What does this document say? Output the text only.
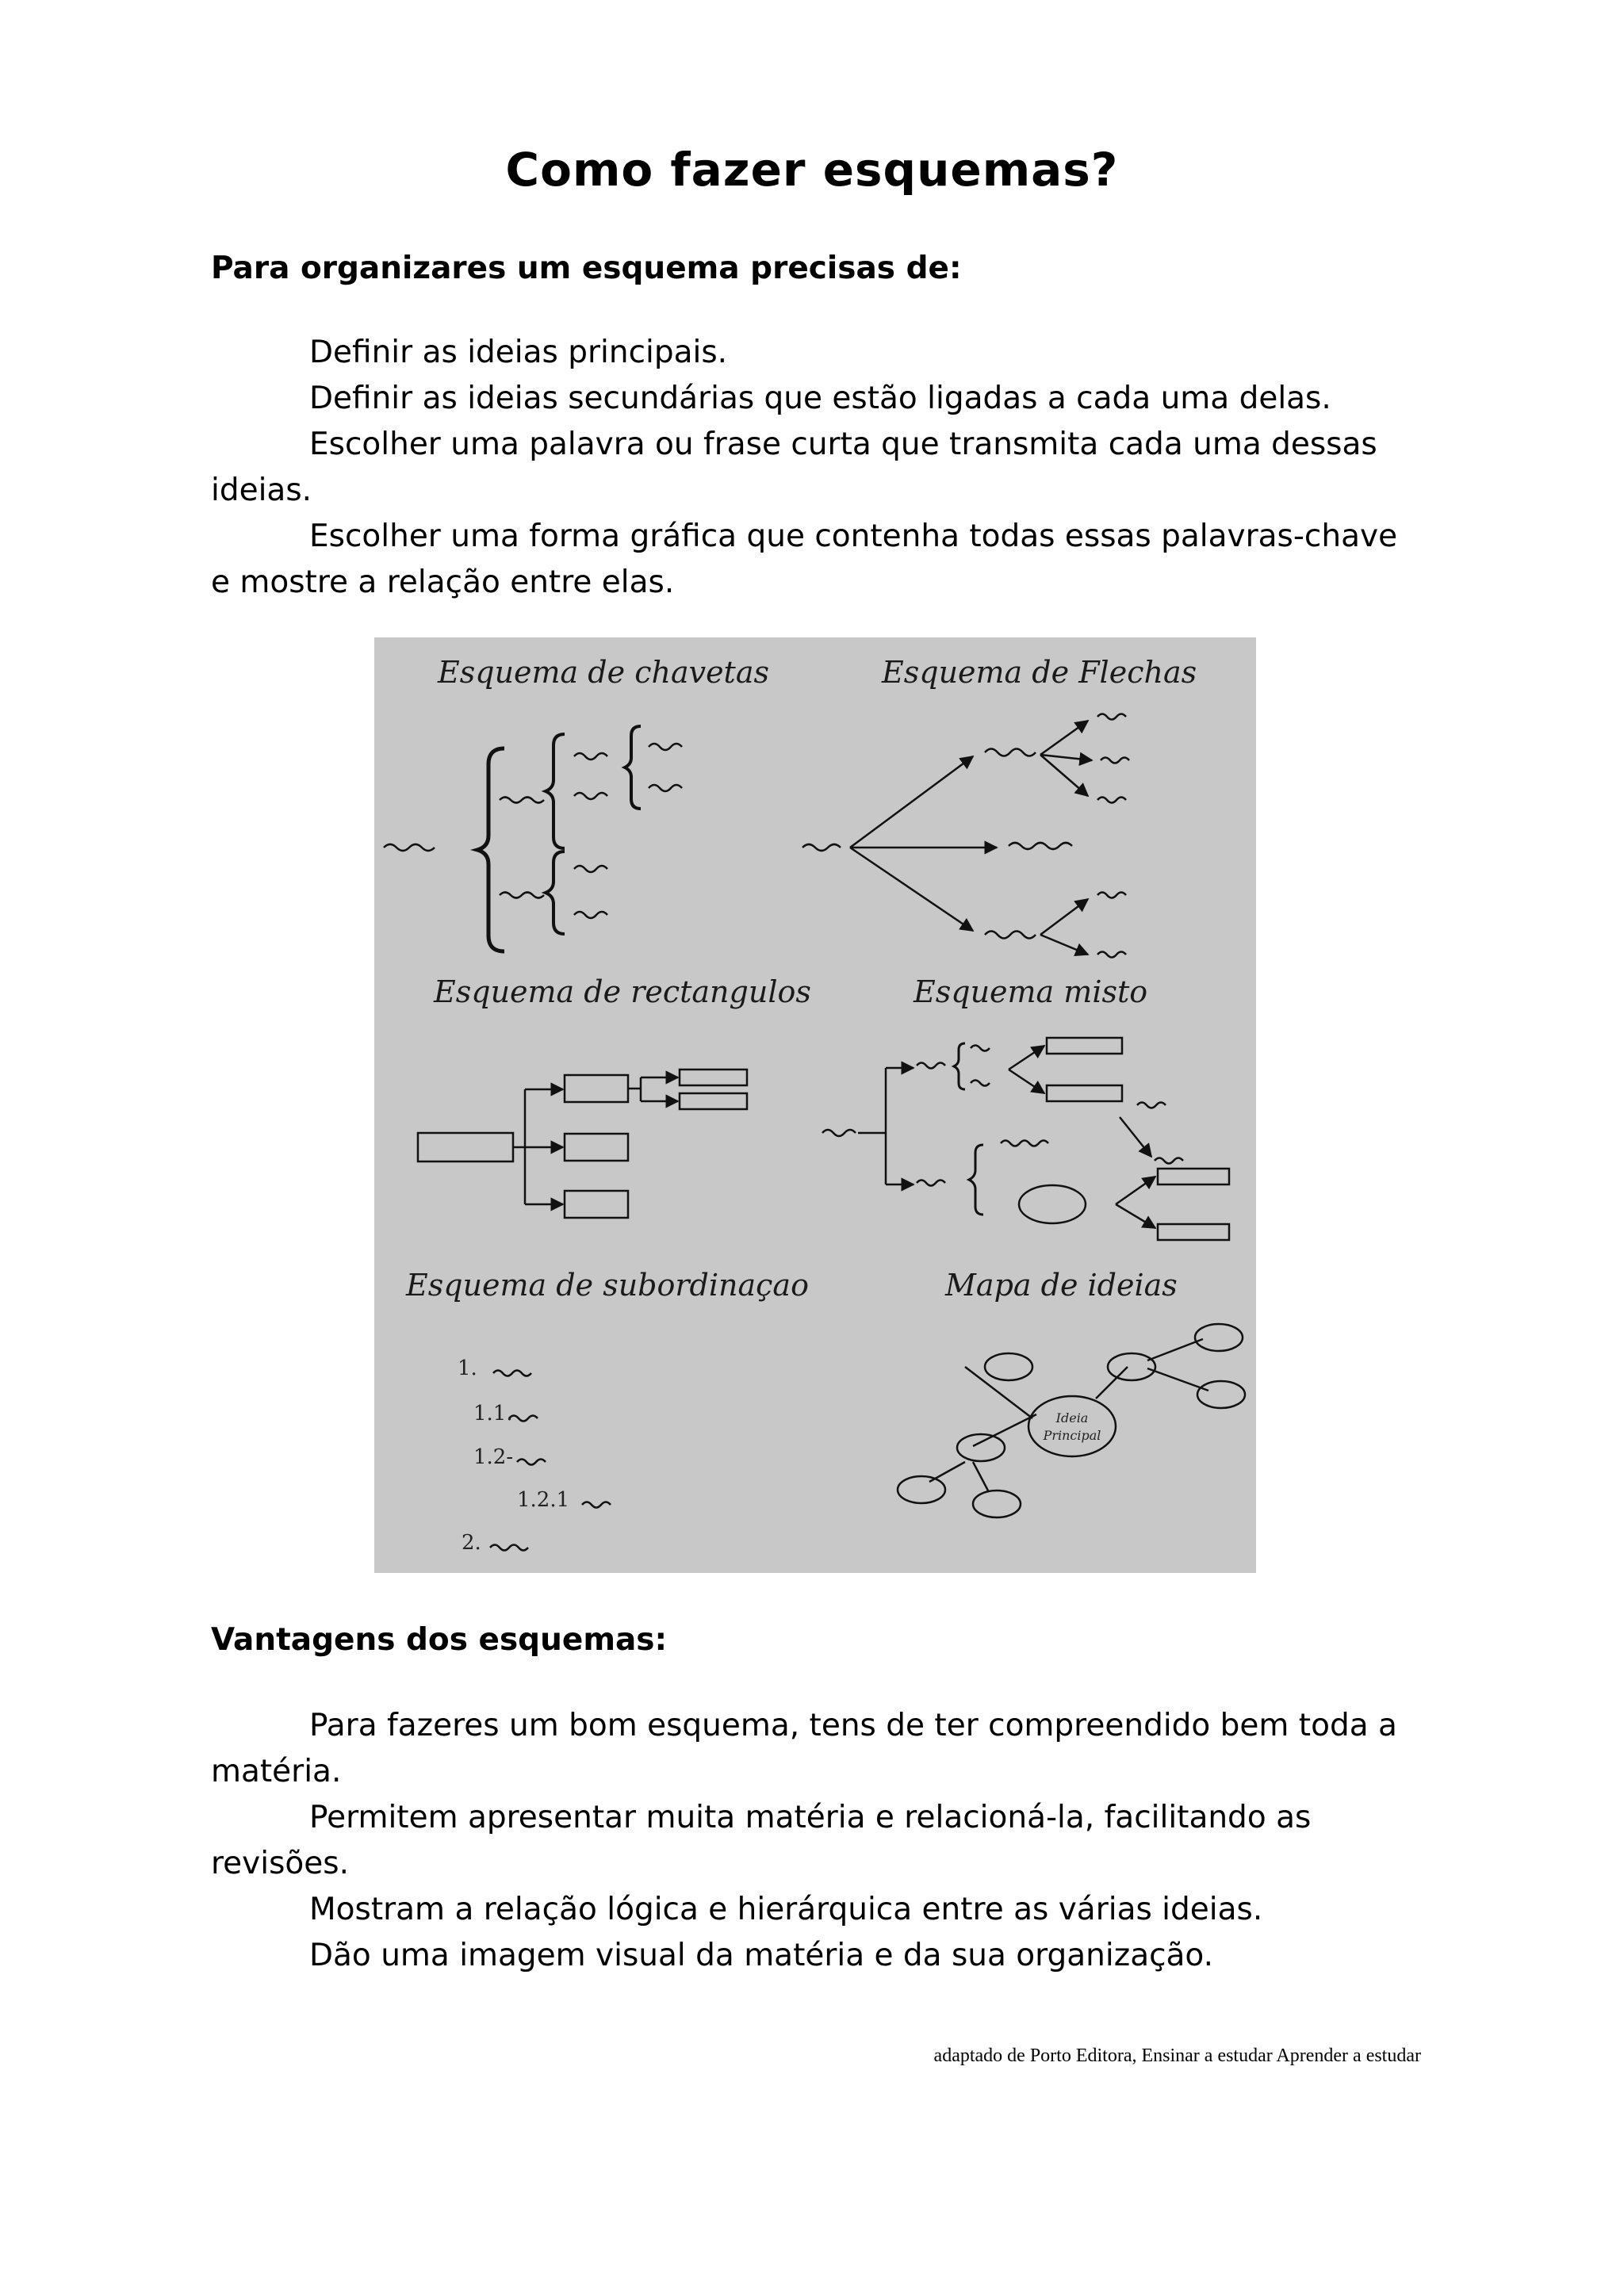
Como fazer esquemas?
Para organizares um esquema precisas de:
Definir as ideias principais.
Definir as ideias secundárias que estão ligadas a cada uma delas.
Escolher uma palavra ou frase curta que transmita cada uma dessas ideias.
Escolher uma forma gráfica que contenha todas essas palavras-chave e mostre a relação entre elas.
Esquema de chavetas	Esquema de Flechas
Esquema de rectangulos	Esquema misto
Esquema de subordinaçao	Mapa de ideias
1.
1.1.
1.2-
1.2.1
2.
Ideia
Principal
Vantagens dos esquemas:
Para fazeres um bom esquema, tens de ter compreendido bem toda a matéria.
Permitem apresentar muita matéria e relacioná-la, facilitando as revisões.
Mostram a relação lógica e hierárquica entre as várias ideias.
Dão uma imagem visual da matéria e da sua organização.
adaptado de Porto Editora, Ensinar a estudar Aprender a estudar
